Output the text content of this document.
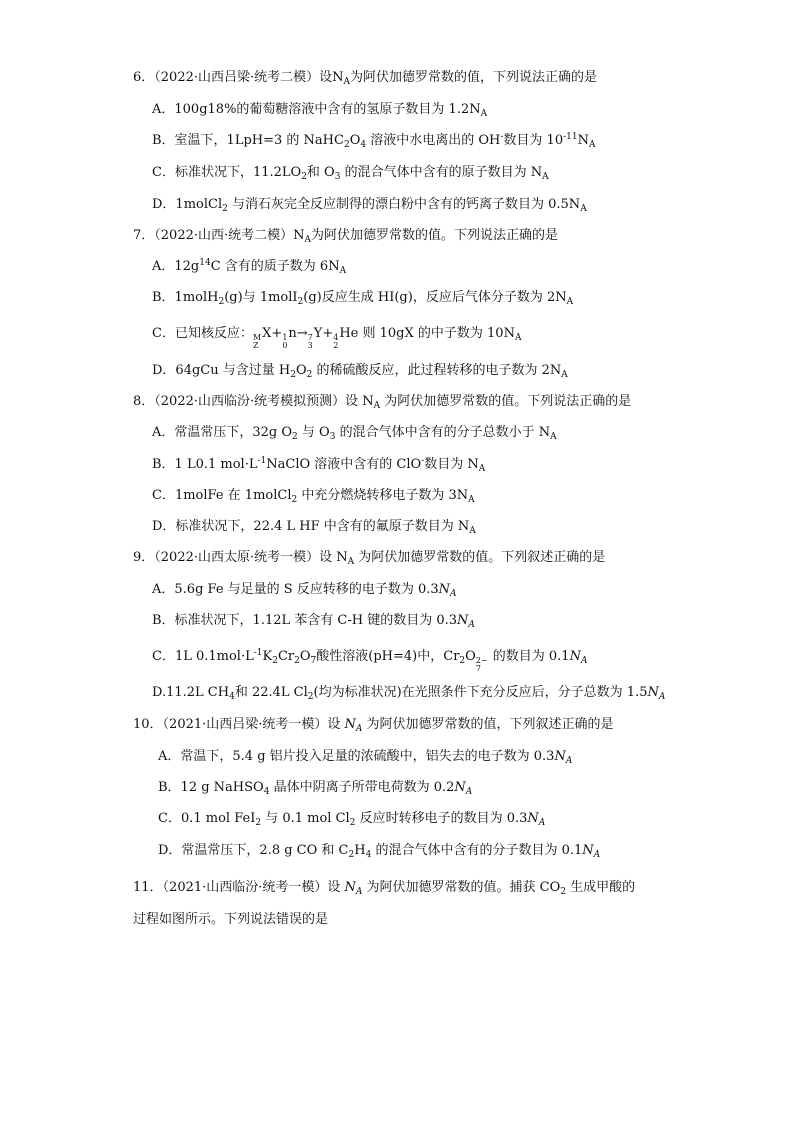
6．（2022·山西吕梁·统考二模）设$N_A$为阿伏加德罗常数的值，下列说法正确的是
A．100g18%的葡萄糖溶液中含有的氢原子数目为 $1.2N_A$
B．室温下，1LpH=3 的 $NaHC_2O_4$ 溶液中水电离出的 OH-数目为 $10^{-11}N_A$
C．标准状况下，$11.2LO_2$和 $O_3$ 的混合气体中含有的原子数目为 $N_A$
D．1molCl$_2$ 与消石灰完全反应制得的漂白粉中含有的钙离子数目为 $0.5N_A$
7．（2022·山西·统考二模）$N_A$为阿伏加德罗常数的值。下列说法正确的是
A．$12g^{14}C$ 含有的质子数为 $6N_A$
B．1molH$_2$(g)与 1molI$_2$(g)反应生成 HI(g)，反应后气体分子数为 $2N_A$
C．已知核反应： M
Z
X+ 1
0
n→ 7
3
Y+ 4
2
He 则 10gX 的中子数为 $10N_A$
D．64gCu 与含过量 $H_2O_2$ 的稀硫酸反应，此过程转移的电子数为 $2N_A$
8．（2022·山西临汾·统考模拟预测）设 $N_A$ 为阿伏加德罗常数的值。下列说法正确的是
A．常温常压下，32g $O_2$ 与 $O_3$ 的混合气体中含有的分子总数小于 $N_A$
B．1 L0.1 $mol\cdot L^{-1}NaClO$ 溶液中含有的 ClO-数目为 $N_A$
C．1molFe 在 1molCl$_2$ 中充分燃烧转移电子数为 $3N_A$
D．标准状况下，22.4 L HF 中含有的氟原子数目为 $N_A$
9．（2022·山西太原·统考一模）设 $N_A$ 为阿伏加德罗常数的值。下列叙述正确的是
A．5.6g Fe 与足量的 S 反应转移的电子数为 $0.3N_A$
B．标准状况下，1.12L 苯含有 C-H 键的数目为 $0.3N_A$
C．1L $0.1mol\cdot L^{-1}K_2Cr_2O_7$酸性溶液(pH=4)中，$Cr_2O$ 2−
7
的数目为 $0.1N_A$
D.11.2L $CH_4$和 22.4L $Cl_2$(均为标准状况)在光照条件下充分反应后，分子总数为 $1.5N_A$
10．（2021·山西吕梁·统考一模）设 $N_A$ 为阿伏加德罗常数的值，下列叙述正确的是
A．常温下，5.4 g 铝片投入足量的浓硫酸中，铝失去的电子数为 $0.3N_A$
B．12 g NaHSO$_4$ 晶体中阴离子所带电荷数为 $0.2N_A$
C．0.1 mol FeI$_2$ 与 0.1 mol $Cl_2$ 反应时转移电子的数目为 $0.3N_A$
D．常温常压下，2.8 g CO 和 $C_2H_4$ 的混合气体中含有的分子数目为 $0.1N_A$
11．（2021·山西临汾·统考一模）设 $N_A$ 为阿伏加德罗常数的值。捕获 $CO_2$ 生成甲酸的
过程如图所示。下列说法错误的是
